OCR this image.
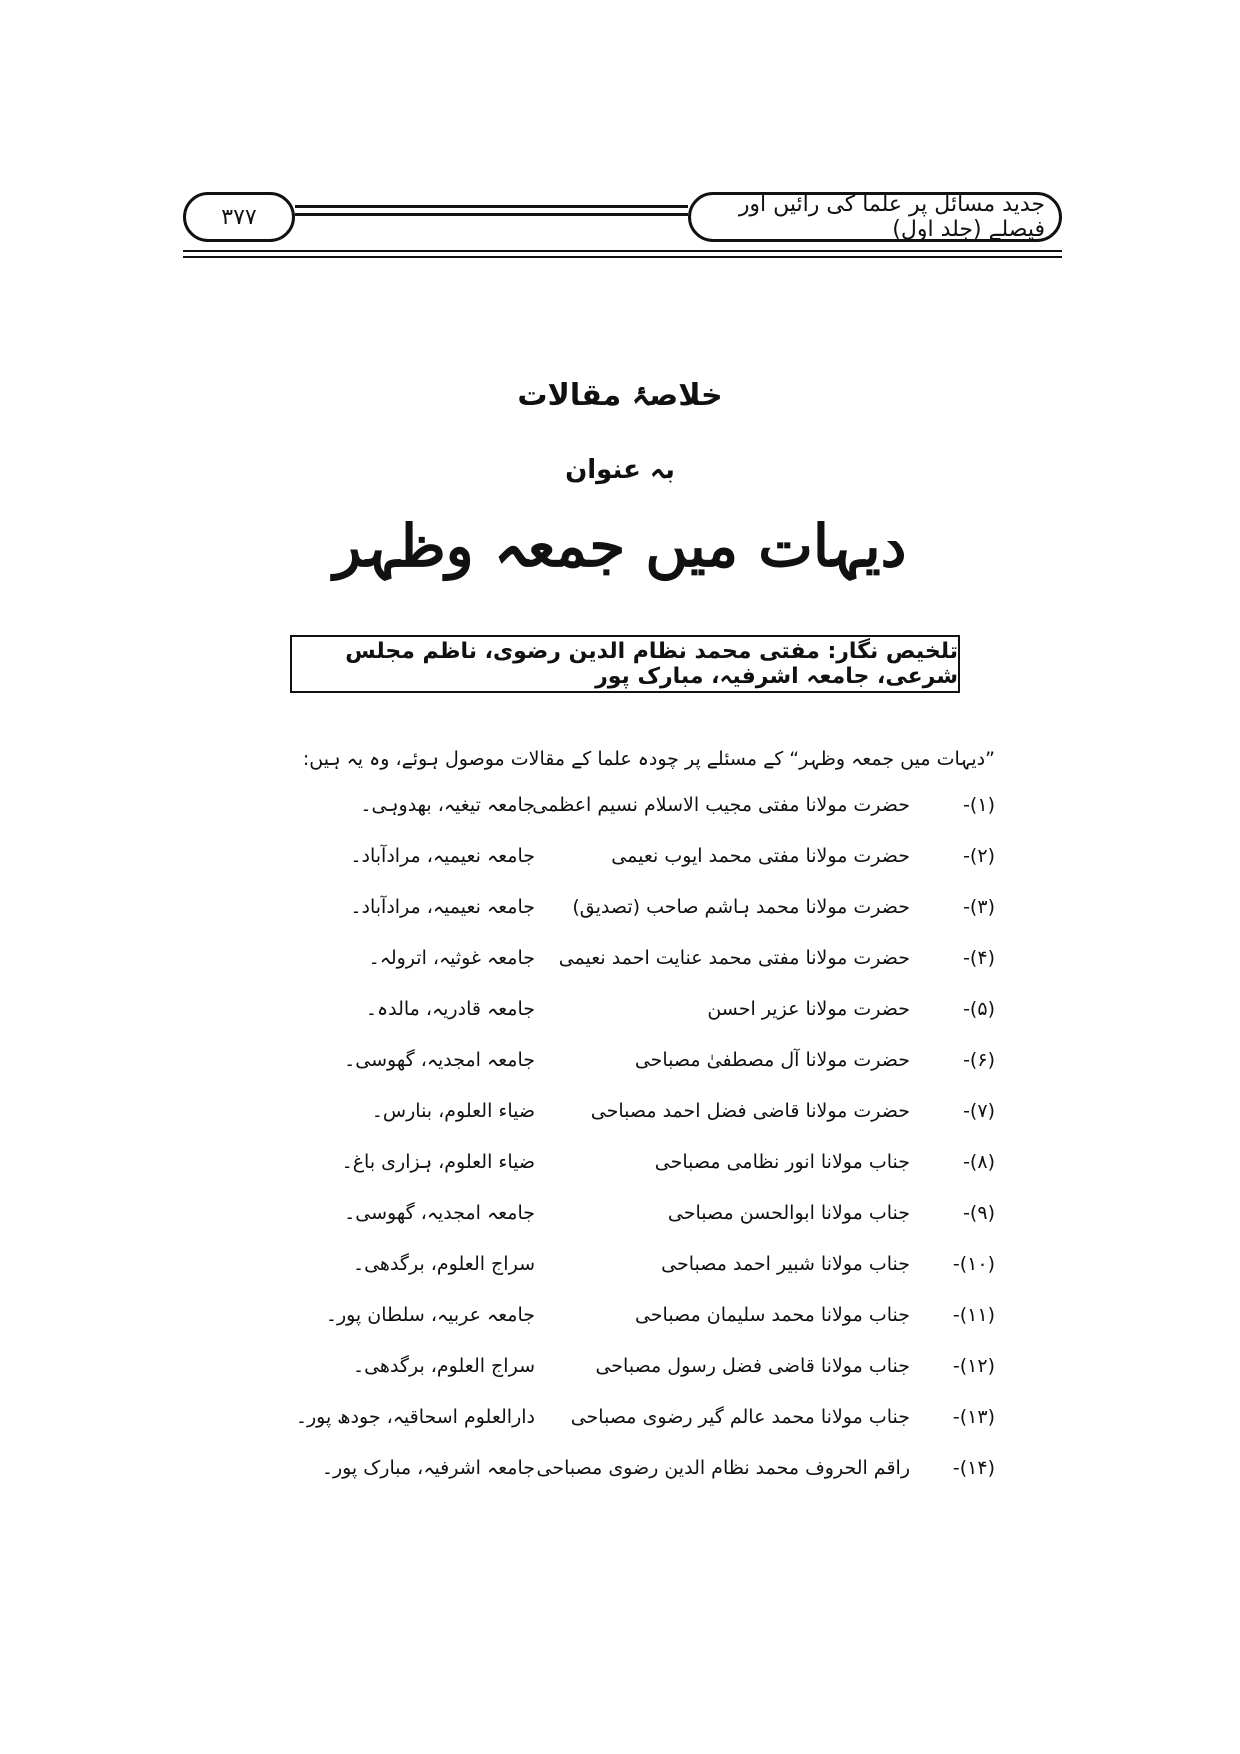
۳۷۷	جدید مسائل پر علما کی رائیں اور فیصلے (جلد اول)
خلاصۂ مقالات
بہ عنوان
دیہات میں جمعہ وظہر
تلخیص نگار: مفتی محمد نظام الدین رضوی، ناظم مجلس شرعی، جامعہ اشرفیہ، مبارک پور
”دیہات میں جمعہ وظہر“ کے مسئلے پر چودہ علما کے مقالات موصول ہوئے، وہ یہ ہیں:
(۱)-
حضرت مولانا مفتی مجیب الاسلام نسیم اعظمی
جامعہ تیغیہ، بھدوہی۔
(۲)-
حضرت مولانا مفتی محمد ایوب نعیمی
جامعہ نعیمیہ، مرادآباد۔
(۳)-
حضرت مولانا محمد ہاشم صاحب (تصدیق)
جامعہ نعیمیہ، مرادآباد۔
(۴)-
حضرت مولانا مفتی محمد عنایت احمد نعیمی
جامعہ غوثیہ، اترولہ۔
(۵)-
حضرت مولانا عزیر احسن
جامعہ قادریہ، مالدہ۔
(۶)-
حضرت مولانا آل مصطفیٰ مصباحی
جامعہ امجدیہ، گھوسی۔
(۷)-
حضرت مولانا قاضی فضل احمد مصباحی
ضیاء العلوم، بنارس۔
(۸)-
جناب مولانا انور نظامی مصباحی
ضیاء العلوم، ہزاری باغ۔
(۹)-
جناب مولانا ابوالحسن مصباحی
جامعہ امجدیہ، گھوسی۔
(۱۰)-
جناب مولانا شبیر احمد مصباحی
سراج العلوم، برگدھی۔
(۱۱)-
جناب مولانا محمد سلیمان مصباحی
جامعہ عربیہ، سلطان پور۔
(۱۲)-
جناب مولانا قاضی فضل رسول مصباحی
سراج العلوم، برگدھی۔
(۱۳)-
جناب مولانا محمد عالم گیر رضوی مصباحی
دارالعلوم اسحاقیہ، جودھ پور۔
(۱۴)-
راقم الحروف محمد نظام الدین رضوی مصباحی
جامعہ اشرفیہ، مبارک پور۔
